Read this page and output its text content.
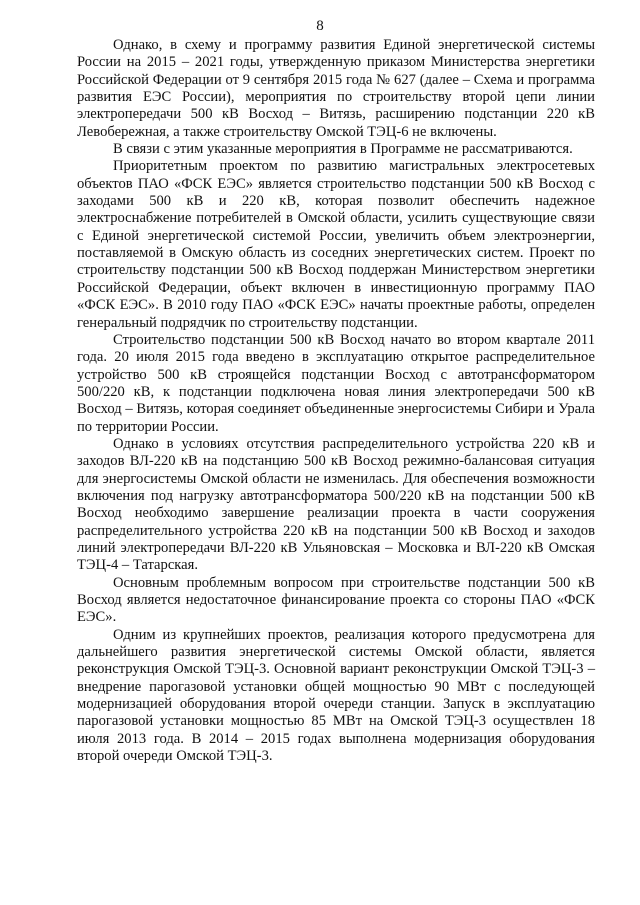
8

Однако, в схему и программу развития Единой энергетической системы России на 2015 – 2021 годы, утвержденную приказом Министерства энергетики Российской Федерации от 9 сентября 2015 года № 627 (далее – Схема и программа развития ЕЭС России), мероприятия по строительству второй цепи линии электропередачи 500 кВ Восход – Витязь, расширению подстанции 220 кВ Левобережная, а также строительству Омской ТЭЦ-6 не включены.

В связи с этим указанные мероприятия в Программе не рассматриваются.

Приоритетным проектом по развитию магистральных электросетевых объектов ПАО «ФСК ЕЭС» является строительство подстанции 500 кВ Восход с заходами 500 кВ и 220 кВ, которая позволит обеспечить надежное электроснабжение потребителей в Омской области, усилить существующие связи с Единой энергетической системой России, увеличить объем электроэнергии, поставляемой в Омскую область из соседних энергетических систем. Проект по строительству подстанции 500 кВ Восход поддержан Министерством энергетики Российской Федерации, объект включен в инвестиционную программу ПАО «ФСК ЕЭС». В 2010 году ПАО «ФСК ЕЭС» начаты проектные работы, определен генеральный подрядчик по строительству подстанции.

Строительство подстанции 500 кВ Восход начато во втором квартале 2011 года. 20 июля 2015 года введено в эксплуатацию открытое распределительное устройство 500 кВ строящейся подстанции Восход с автотрансформатором 500/220 кВ, к подстанции подключена новая линия электропередачи 500 кВ Восход – Витязь, которая соединяет объединенные энергосистемы Сибири и Урала по территории России.

Однако в условиях отсутствия распределительного устройства 220 кВ и заходов ВЛ-220 кВ на подстанцию 500 кВ Восход режимно-балансовая ситуация для энергосистемы Омской области не изменилась. Для обеспечения возможности включения под нагрузку автотрансформатора 500/220 кВ на подстанции 500 кВ Восход необходимо завершение реализации проекта в части сооружения распределительного устройства 220 кВ на подстанции 500 кВ Восход и заходов линий электропередачи ВЛ-220 кВ Ульяновская – Московка и ВЛ-220 кВ Омская ТЭЦ-4 – Татарская.

Основным проблемным вопросом при строительстве подстанции 500 кВ Восход является недостаточное финансирование проекта со стороны ПАО «ФСК ЕЭС».

Одним из крупнейших проектов, реализация которого предусмотрена для дальнейшего развития энергетической системы Омской области, является реконструкция Омской ТЭЦ-3. Основной вариант реконструкции Омской ТЭЦ-3 – внедрение парогазовой установки общей мощностью 90 МВт с последующей модернизацией оборудования второй очереди станции. Запуск в эксплуатацию парогазовой установки мощностью 85 МВт на Омской ТЭЦ-3 осуществлен 18 июля 2013 года. В 2014 – 2015 годах выполнена модернизация оборудования второй очереди Омской ТЭЦ-3.
